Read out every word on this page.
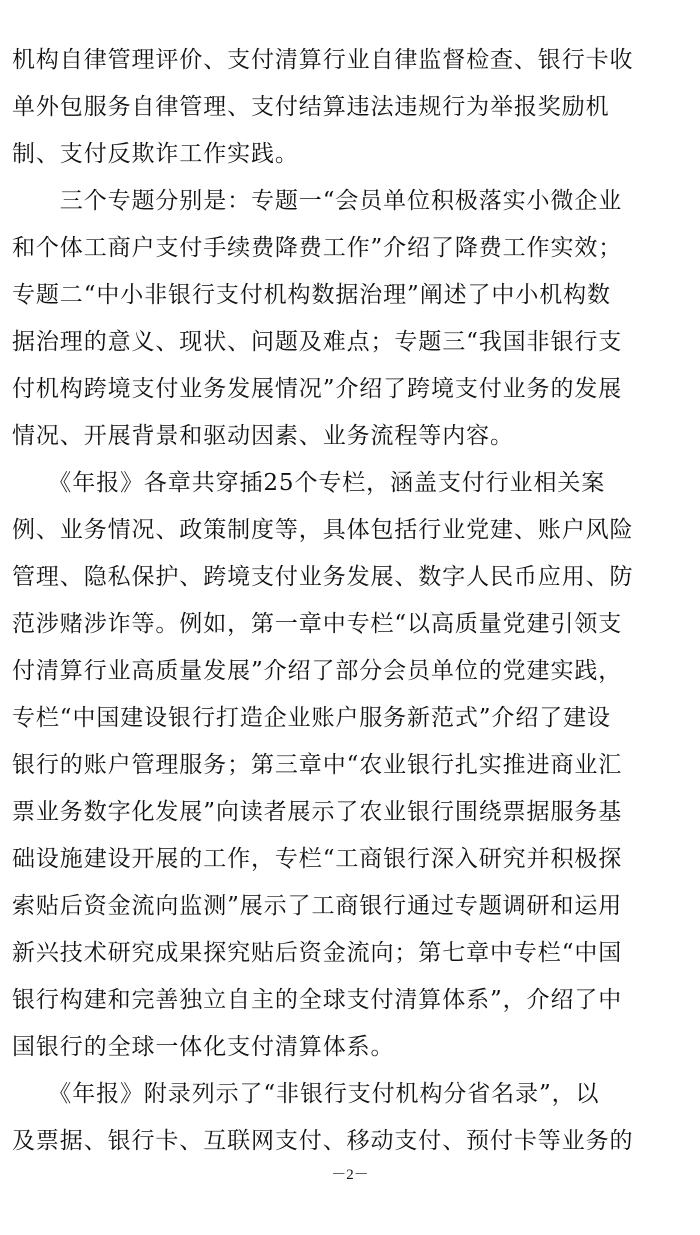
机构自律管理评价、支付清算行业自律监督检查、银行卡收
单外包服务自律管理、支付结算违法违规行为举报奖励机
制、支付反欺诈工作实践。
　　三个专题分别是：专题一“会员单位积极落实小微企业
和个体工商户支付手续费降费工作”介绍了降费工作实效；
专题二“中小非银行支付机构数据治理”阐述了中小机构数
据治理的意义、现状、问题及难点；专题三“我国非银行支
付机构跨境支付业务发展情况”介绍了跨境支付业务的发展
情况、开展背景和驱动因素、业务流程等内容。
　　《年报》各章共穿插25个专栏，涵盖支付行业相关案
例、业务情况、政策制度等，具体包括行业党建、账户风险
管理、隐私保护、跨境支付业务发展、数字人民币应用、防
范涉赌涉诈等。例如，第一章中专栏“以高质量党建引领支
付清算行业高质量发展”介绍了部分会员单位的党建实践，
专栏“中国建设银行打造企业账户服务新范式”介绍了建设
银行的账户管理服务；第三章中“农业银行扎实推进商业汇
票业务数字化发展”向读者展示了农业银行围绕票据服务基
础设施建设开展的工作，专栏“工商银行深入研究并积极探
索贴后资金流向监测”展示了工商银行通过专题调研和运用
新兴技术研究成果探究贴后资金流向；第七章中专栏“中国
银行构建和完善独立自主的全球支付清算体系”，介绍了中
国银行的全球一体化支付清算体系。
　　《年报》附录列示了“非银行支付机构分省名录”，以
及票据、银行卡、互联网支付、移动支付、预付卡等业务的
－2－
